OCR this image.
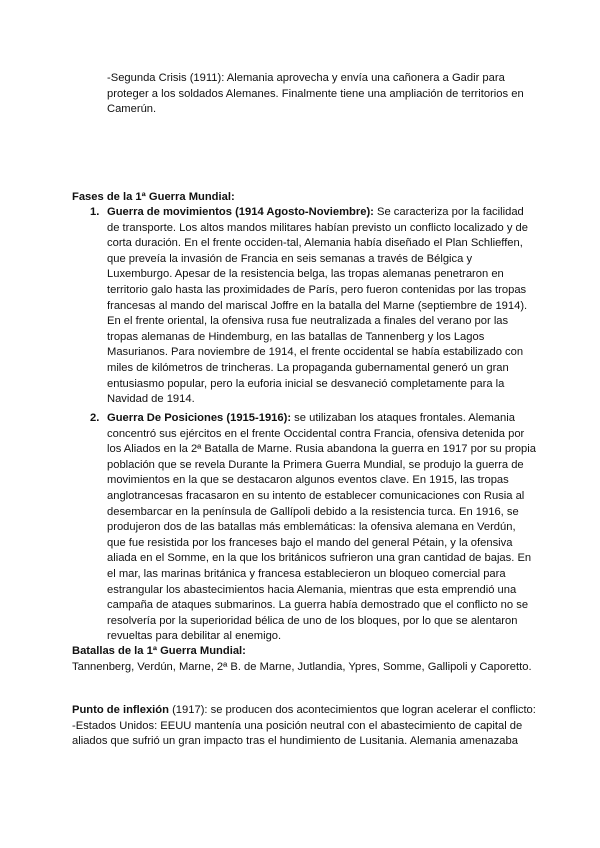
-Segunda Crisis (1911): Alemania aprovecha y envía una cañonera a Gadir para proteger a los soldados Alemanes. Finalmente tiene una ampliación de territorios en Camerún.

Fases de la 1ª Guerra Mundial:

1. Guerra de movimientos (1914 Agosto-Noviembre): Se caracteriza por la facilidad de transporte. Los altos mandos militares habían previsto un conflicto localizado y de corta duración. En el frente occiden-tal, Alemania había diseñado el Plan Schlieffen, que preveía la invasión de Francia en seis semanas a través de Bélgica y Luxemburgo. Apesar de la resistencia belga, las tropas alemanas penetraron en territorio galo hasta las proximidades de París, pero fueron contenidas por las tropas francesas al mando del mariscal Joffre en la batalla del Marne (septiembre de 1914). En el frente oriental, la ofensiva rusa fue neutralizada a finales del verano por las tropas alemanas de Hindemburg, en las batallas de Tannenberg y los Lagos Masurianos. Para noviembre de 1914, el frente occidental se había estabilizado con miles de kilómetros de trincheras. La propaganda gubernamental generó un gran entusiasmo popular, pero la euforia inicial se desvaneció completamente para la Navidad de 1914.
2. Guerra De Posiciones (1915-1916): se utilizaban los ataques frontales. Alemania concentró sus ejércitos en el frente Occidental contra Francia, ofensiva detenida por los Aliados en la 2ª Batalla de Marne. Rusia abandona la guerra en 1917 por su propia población que se revela Durante la Primera Guerra Mundial, se produjo la guerra de movimientos en la que se destacaron algunos eventos clave. En 1915, las tropas anglotrancesas fracasaron en su intento de establecer comunicaciones con Rusia al desembarcar en la península de Gallípoli debido a la resistencia turca. En 1916, se produjeron dos de las batallas más emblemáticas: la ofensiva alemana en Verdún, que fue resistida por los franceses bajo el mando del general Pétain, y la ofensiva aliada en el Somme, en la que los británicos sufrieron una gran cantidad de bajas. En el mar, las marinas británica y francesa establecieron un bloqueo comercial para estrangular los abastecimientos hacia Alemania, mientras que esta emprendió una campaña de ataques submarinos. La guerra había demostrado que el conflicto no se resolvería por la superioridad bélica de uno de los bloques, por lo que se alentaron revueltas para debilitar al enemigo.
Batallas de la 1ª Guerra Mundial:
Tannenberg, Verdún, Marne, 2ª B. de Marne, Jutlandia, Ypres, Somme, Gallipoli y Caporetto.
Punto de inflexión (1917): se producen dos acontecimientos que logran acelerar el conflicto:
-Estados Unidos: EEUU mantenía una posición neutral con el abastecimiento de capital de aliados que sufrió un gran impacto tras el hundimiento de Lusitania. Alemania amenazaba
